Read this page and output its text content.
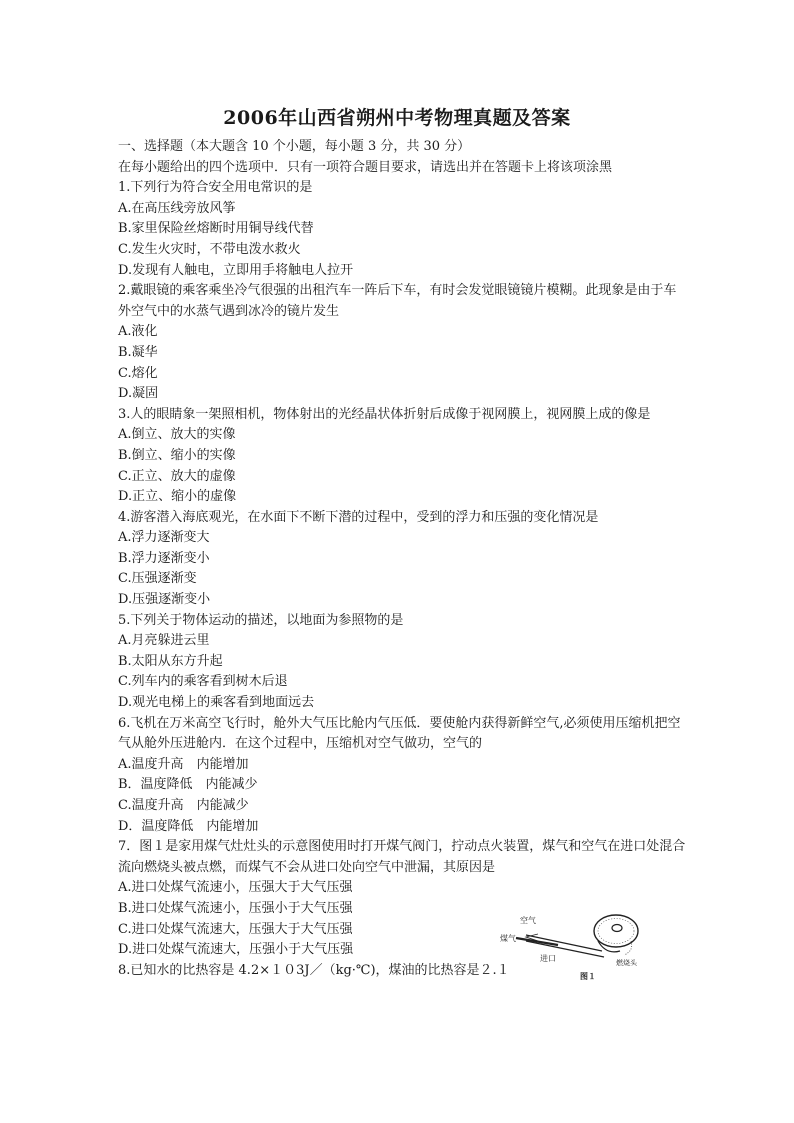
2006年山西省朔州中考物理真题及答案

一、选择题（本大题含 10 个小题，每小题 3 分，共 30 分）

在每小题给出的四个选项中．只有一项符合题目要求，请选出并在答题卡上将该项涂黑

1.下列行为符合安全用电常识的是

A.在高压线旁放风筝

B.家里保险丝熔断时用铜导线代替

C.发生火灾时，不带电泼水救火

D.发现有人触电，立即用手将触电人拉开

2.戴眼镜的乘客乘坐冷气很强的出租汽车一阵后下车，有时会发觉眼镜镜片模糊。此现象是由于车外空气中的水蒸气遇到冰冷的镜片发生

A.液化

B.凝华

C.熔化

D.凝固

3.人的眼睛象一架照相机，物体射出的光经晶状体折射后成像于视网膜上，视网膜上成的像是

A.倒立、放大的实像

B.倒立、缩小的实像

C.正立、放大的虚像

D.正立、缩小的虚像

4.游客潜入海底观光，在水面下不断下潜的过程中，受到的浮力和压强的变化情况是

A.浮力逐渐变大

B.浮力逐渐变小

C.压强逐渐变

D.压强逐渐变小

5.下列关于物体运动的描述，以地面为参照物的是

A.月亮躲进云里

B.太阳从东方升起

C.列车内的乘客看到树木后退

D.观光电梯上的乘客看到地面远去

6.飞机在万米高空飞行时，舱外大气压比舱内气压低．要使舱内获得新鲜空气,必须使用压缩机把空气从舱外压进舱内．在这个过程中，压缩机对空气做功，空气的

A.温度升高　内能增加

B．温度降低　内能减少

C.温度升高　内能减少

D．温度降低　内能增加

7．图１是家用煤气灶灶头的示意图使用时打开煤气阀门，拧动点火装置，煤气和空气在进口处混合流向燃烧头被点燃，而煤气不会从进口处向空气中泄漏，其原因是

A.进口处煤气流速小，压强大于大气压强

B.进口处煤气流速小，压强小于大气压强

C.进口处煤气流速大，压强大于大气压强

D.进口处煤气流速大，压强小于大气压强

8.已知水的比热容是 4.2×１０3J／（kg·℃)，煤油的比热容是２.１

空气
煤气
进口	燃烧头
图１
